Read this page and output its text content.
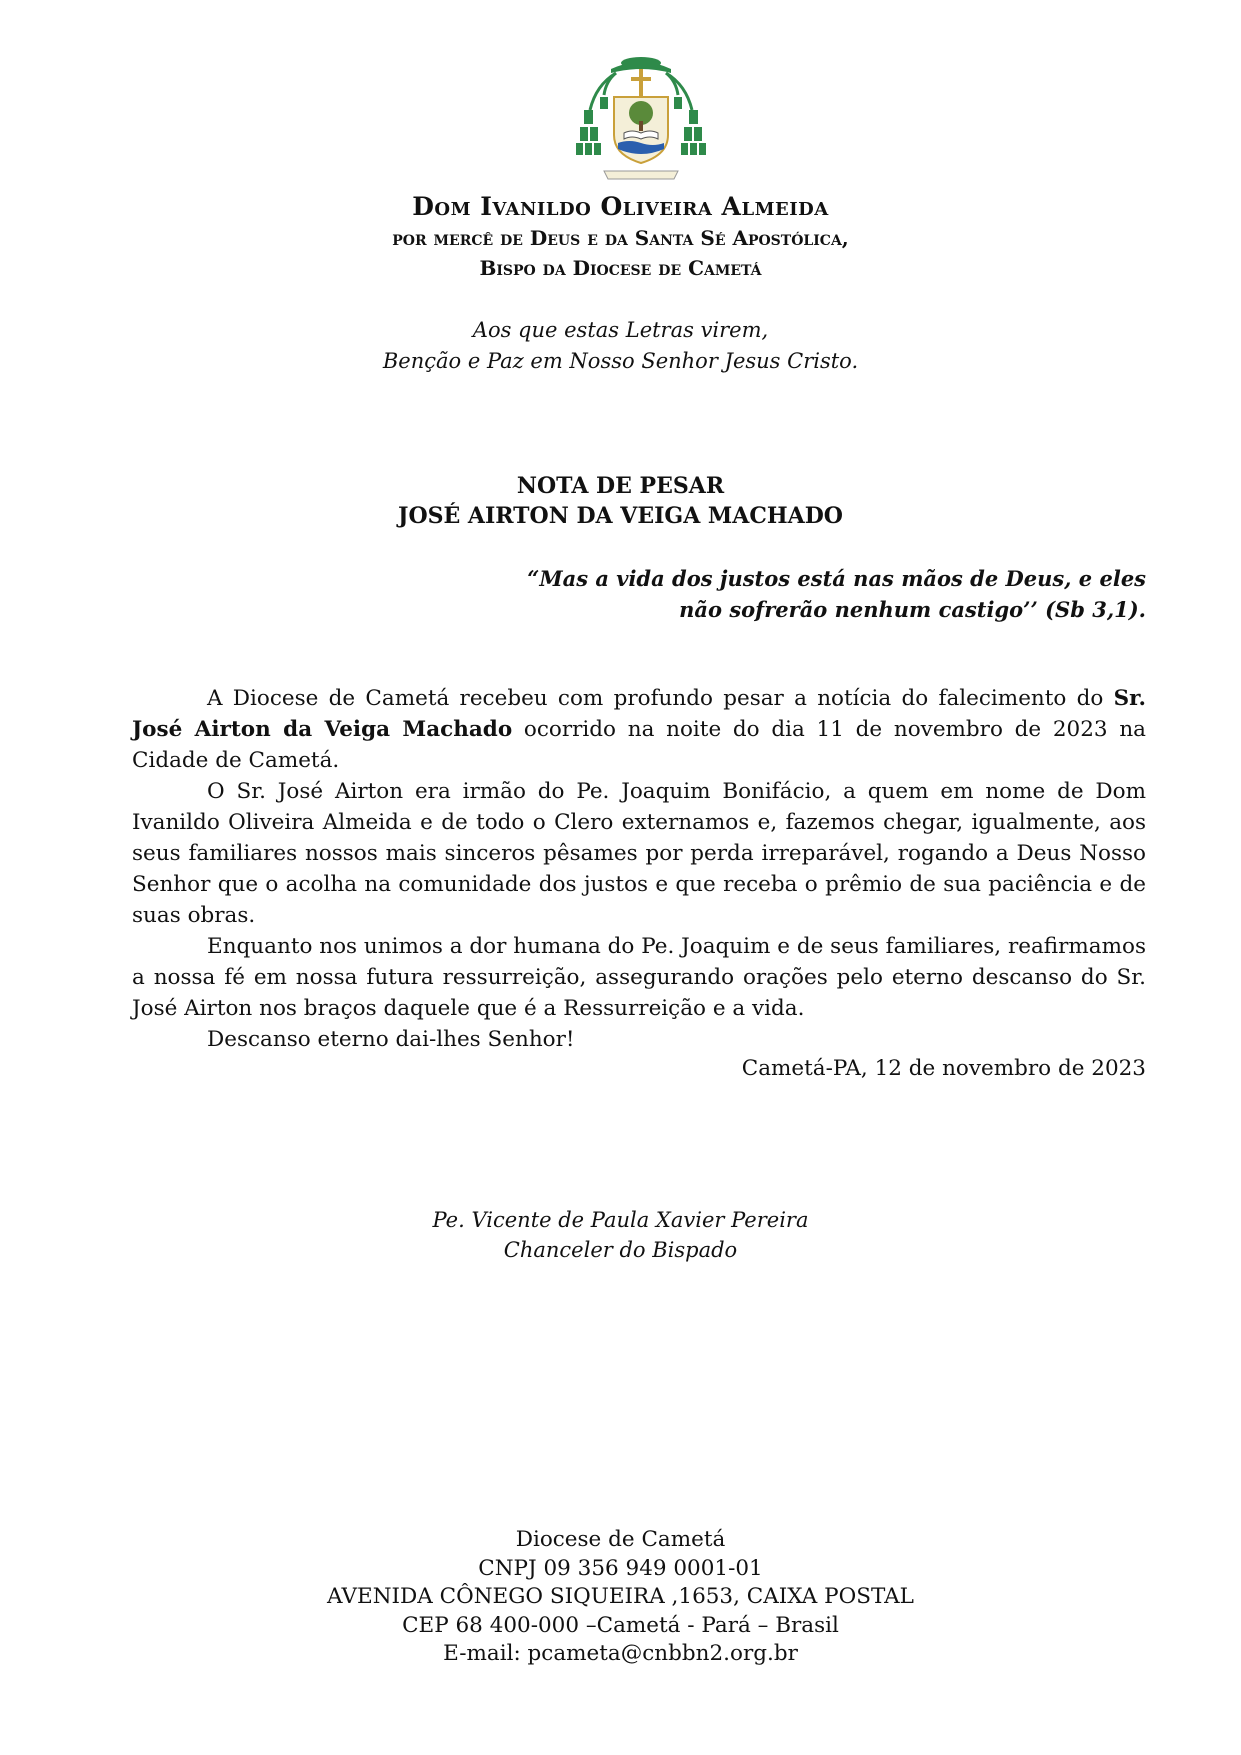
Dom Ivanildo Oliveira Almeida
por mercê de Deus e da Santa Sé Apostólica,
Bispo da Diocese de Cametá
Aos que estas Letras virem,
Benção e Paz em Nosso Senhor Jesus Cristo.
NOTA DE PESAR
JOSÉ AIRTON DA VEIGA MACHADO
“Mas a vida dos justos está nas mãos de Deus, e eles
não sofrerão nenhum castigo’’ (Sb 3,1).

A Diocese de Cametá recebeu com profundo pesar a notícia do falecimento do Sr. José Airton da Veiga Machado ocorrido na noite do dia 11 de novembro de 2023 na Cidade de Cametá.

O Sr. José Airton era irmão do Pe. Joaquim Bonifácio, a quem em nome de Dom Ivanildo Oliveira Almeida e de todo o Clero externamos e, fazemos chegar, igualmente, aos seus familiares nossos mais sinceros pêsames por perda irreparável, rogando a Deus Nosso Senhor que o acolha na comunidade dos justos e que receba o prêmio de sua paciência e de suas obras.

Enquanto nos unimos a dor humana do Pe. Joaquim e de seus familiares, reafirmamos a nossa fé em nossa futura ressurreição, assegurando orações pelo eterno descanso do Sr. José Airton nos braços daquele que é a Ressurreição e a vida.

Descanso eterno dai-lhes Senhor!

Cametá-PA, 12 de novembro de 2023
Pe. Vicente de Paula Xavier Pereira
Chanceler do Bispado
Diocese de Cametá
CNPJ 09 356 949 0001-01
AVENIDA CÔNEGO SIQUEIRA ,1653, CAIXA POSTAL
CEP 68 400-000 –Cametá - Pará – Brasil
E-mail: pcameta@cnbbn2.org.br
